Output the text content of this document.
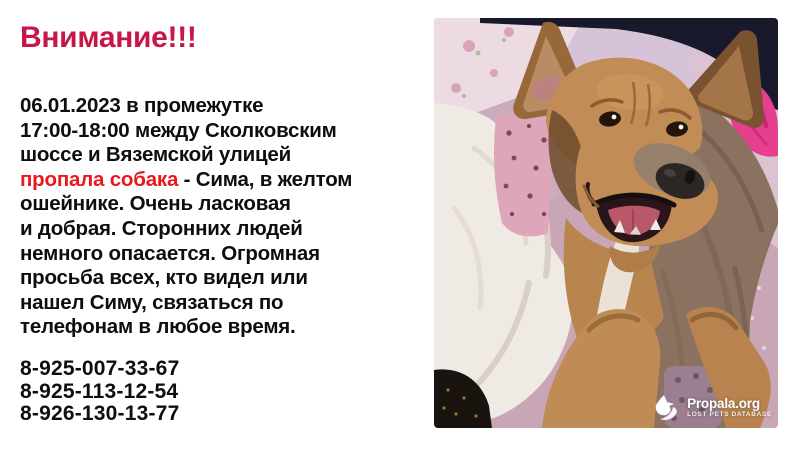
Внимание!!!
06.01.2023 в промежутке
17:00-18:00 между Сколковским
шоссе и Вяземской улицей
пропала собака - Сима, в желтом
ошейнике. Очень ласковая
и добрая. Сторонних людей
немного опасается. Огромная
просьба всех, кто видел или
нашел Симу, связаться по
телефонам в любое время.
8-925-007-33-67
8-925-113-12-54
8-926-130-13-77	Propala.org
LOST PETS DATABASE
